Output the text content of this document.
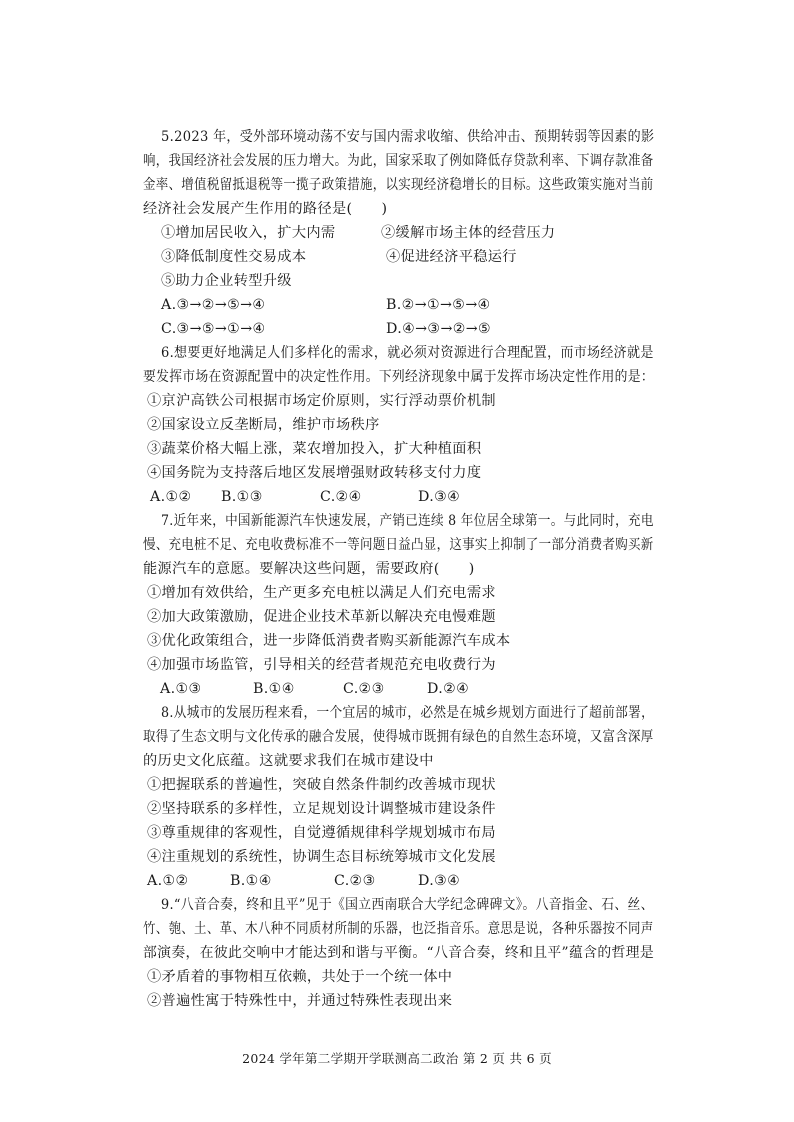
5.2023 年，受外部环境动荡不安与国内需求收缩、供给冲击、预期转弱等因素的影
响，我国经济社会发展的压力增大。为此，国家采取了例如降低存贷款利率、下调存款准备
金率、增值税留抵退税等一揽子政策措施，以实现经济稳增长的目标。这些政策实施对当前
经济社会发展产生作用的路径是(　　)
①增加居民收入，扩大内需	②缓解市场主体的经营压力
③降低制度性交易成本	④促进经济平稳运行
⑤助力企业转型升级
A.③→②→⑤→④	B.②→①→⑤→④
C.③→⑤→①→④	D.④→③→②→⑤
6.想要更好地满足人们多样化的需求，就必须对资源进行合理配置，而市场经济就是
要发挥市场在资源配置中的决定性作用。下列经济现象中属于发挥市场决定性作用的是：
①京沪高铁公司根据市场定价原则，实行浮动票价机制
②国家设立反垄断局，维护市场秩序
③蔬菜价格大幅上涨，菜农增加投入，扩大种植面积
④国务院为支持落后地区发展增强财政转移支付力度
A.①② B.①③	C.②④	D.③④
7.近年来，中国新能源汽车快速发展，产销已连续 8 年位居全球第一。与此同时，充电
慢、充电桩不足、充电收费标准不一等问题日益凸显，这事实上抑制了一部分消费者购买新
能源汽车的意愿。要解决这些问题，需要政府(　　)
①增加有效供给，生产更多充电桩以满足人们充电需求
②加大政策激励，促进企业技术革新以解决充电慢难题
③优化政策组合，进一步降低消费者购买新能源汽车成本
④加强市场监管，引导相关的经营者规范充电收费行为
A.①③	B.①④	C.②③	D.②④
8.从城市的发展历程来看，一个宜居的城市，必然是在城乡规划方面进行了超前部署，
取得了生态文明与文化传承的融合发展，使得城市既拥有绿色的自然生态环境，又富含深厚
的历史文化底蕴。这就要求我们在城市建设中
①把握联系的普遍性，突破自然条件制约改善城市现状
②坚持联系的多样性，立足规划设计调整城市建设条件
③尊重规律的客观性，自觉遵循规律科学规划城市布局
④注重规划的系统性，协调生态目标统筹城市文化发展
A.①②	B.①④	C.②③	D.③④
9.“八音合奏，终和且平”见于《国立西南联合大学纪念碑碑文》。八音指金、石、丝、
竹、匏、土、革、木八种不同质材所制的乐器，也泛指音乐。意思是说，各种乐器按不同声
部演奏，在彼此交响中才能达到和谐与平衡。“八音合奏，终和且平”蕴含的哲理是
①矛盾着的事物相互依赖，共处于一个统一体中
②普遍性寓于特殊性中，并通过特殊性表现出来
2024 学年第二学期开学联测高二政治 第 2 页 共 6 页
